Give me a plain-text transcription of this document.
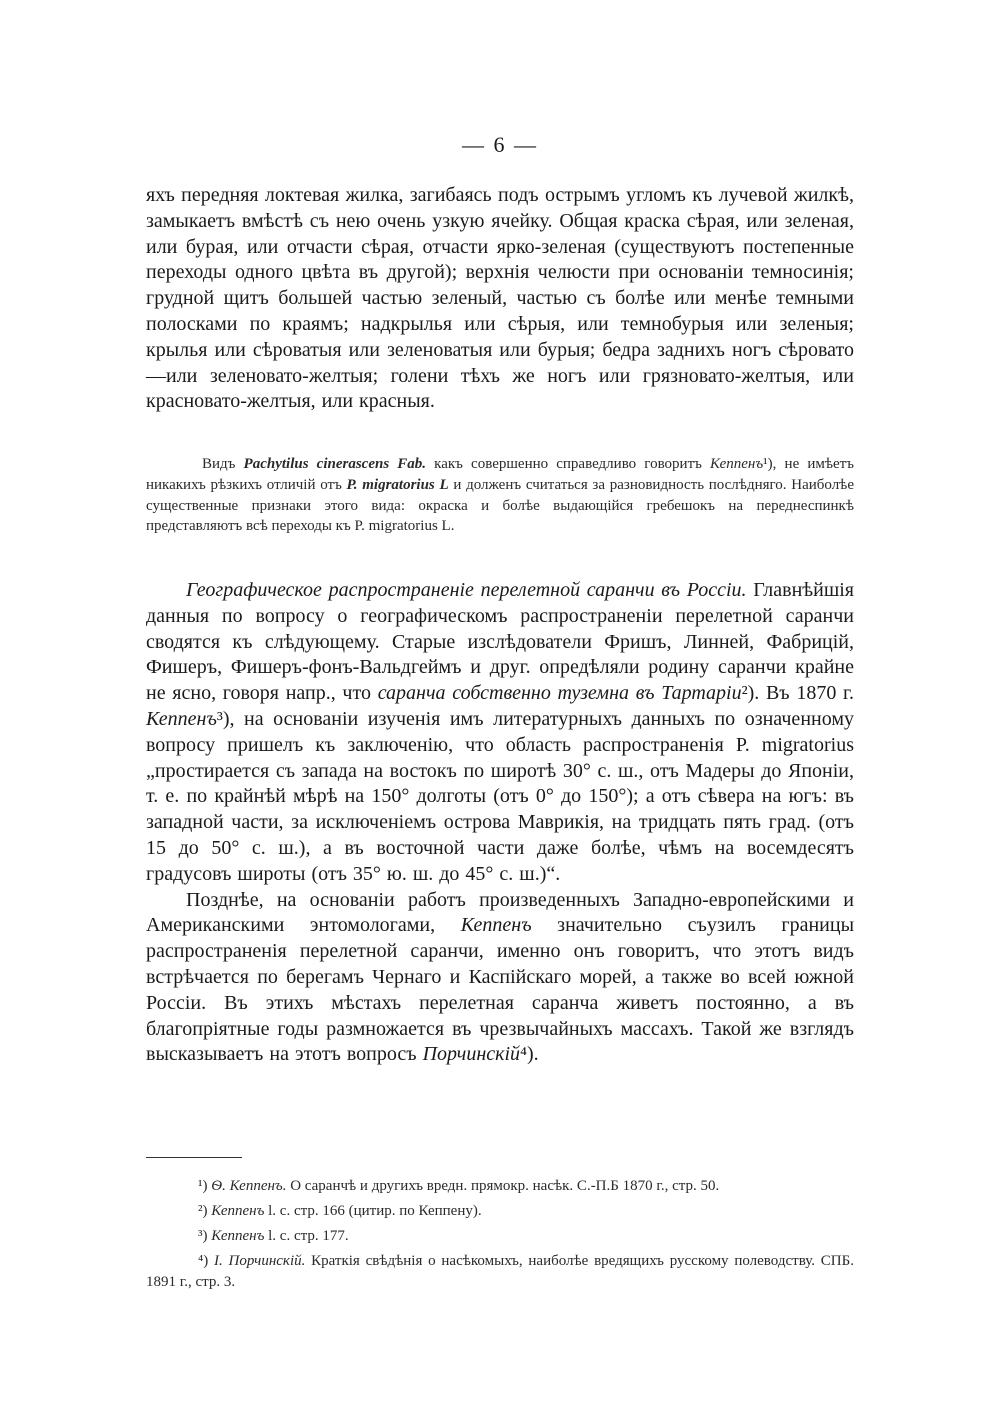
— 6 —

яхъ передняя локтевая жилка, загибаясь подъ острымъ угломъ къ лучевой жилкѣ, замыкаетъ вмѣстѣ съ нею очень узкую ячейку. Общая краска сѣрая, или зеленая, или бурая, или отчасти сѣрая, отчасти ярко-зеленая (существуютъ постепенные переходы одного цвѣта въ другой); верхнія челюсти при основаніи темносинія; грудной щитъ большей частью зеленый, частью съ болѣе или менѣе темными полосками по краямъ; надкрылья или сѣрыя, или темнобурыя или зеленыя; крылья или сѣроватыя или зеленоватыя или бурыя; бедра заднихъ ногъ сѣровато—или зеленовато-желтыя; голени тѣхъ же ногъ или грязновато-желтыя, или красновато-желтыя, или красныя.

Видъ Pachytilus cinerascens Fab. какъ совершенно справедливо говоритъ Кеппенъ¹), не имѣетъ никакихъ рѣзкихъ отличій отъ P. migratorius L и долженъ считаться за разновидность послѣдняго. Наиболѣе существенные признаки этого вида: окраска и болѣе выдающійся гребешокъ на переднеспинкѣ представляютъ всѣ переходы къ P. migratorius L.

Географическое распространеніе перелетной саранчи въ Россіи. Главнѣйшія данныя по вопросу о географическомъ распространеніи перелетной саранчи сводятся къ слѣдующему. Старые изслѣдователи Фришъ, Линней, Фабрицій, Фишеръ, Фишеръ-фонъ-Вальдгеймъ и друг. опредѣляли родину саранчи крайне не ясно, говоря напр., что саранча собственно туземна въ Тартаріи²). Въ 1870 г. Кеппенъ³), на основаніи изученія имъ литературныхъ данныхъ по означенному вопросу пришелъ къ заключенію, что область распространенія P. migratorius „простирается съ запада на востокъ по широтѣ 30° с. ш., отъ Мадеры до Японіи, т. е. по крайнѣй мѣрѣ на 150° долготы (отъ 0° до 150°); а отъ сѣвера на югъ: въ западной части, за исключеніемъ острова Маврикія, на тридцать пять град. (отъ 15 до 50° с. ш.), а въ восточной части даже болѣе, чѣмъ на восемдесятъ градусовъ широты (отъ 35° ю. ш. до 45° с. ш.)“.

Позднѣе, на основаніи работъ произведенныхъ Западно-европейскими и Американскими энтомологами, Кеппенъ значительно съузилъ границы распространенія перелетной саранчи, именно онъ говоритъ, что этотъ видъ встрѣчается по берегамъ Чернаго и Каспійскаго морей, а также во всей южной Россіи. Въ этихъ мѣстахъ перелетная саранча живетъ постоянно, а въ благопріятные годы размножается въ чрезвычайныхъ массахъ. Такой же взглядъ высказываетъ на этотъ вопросъ Порчинскій⁴).

¹) Ѳ. Кеппенъ. О саранчѣ и другихъ вредн. прямокр. насѣк. С.-П.Б 1870 г., стр. 50.

²) Кеппенъ l. c. стр. 166 (цитир. по Кеппену).

³) Кеппенъ l. c. стр. 177.

⁴) I. Порчинскій. Краткія свѣдѣнія о насѣкомыхъ, наиболѣе вредящихъ русскому полеводству. СПБ. 1891 г., стр. 3.
